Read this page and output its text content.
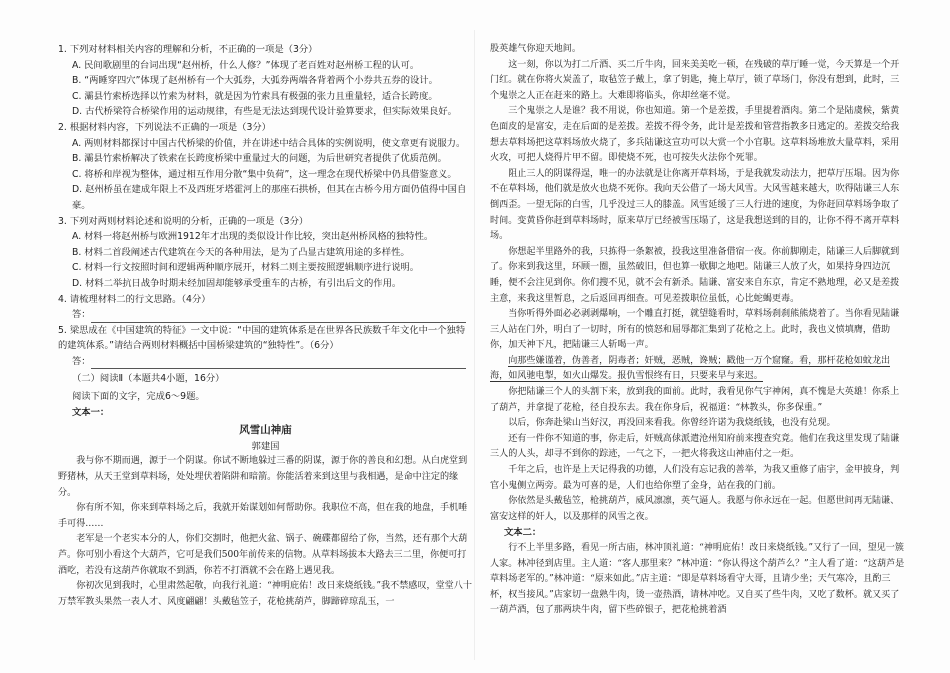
1. 下列对材料相关内容的理解和分析，不正确的一项是（3分）

A. 民间歌剧里的台词出现“赵州桥，什么人修？”体现了老百姓对赵州桥工程的认可。

B. “两睡穿四穴”体现了赵州桥有一个大弧券，大弧券两端各背着两个小券共五券的设计。

C. 灞县竹索桥选择以竹索为材料，就是因为竹索具有极强的张力且重量轻，适合长跨度。

D. 古代桥梁符合桥梁作用的运动规律，有些是无法达到现代设计验算要求，但实际效果良好。

2. 根据材料内容，下列说法不正确的一项是（3分）

A. 两则材料都探讨中国古代桥梁的价值，并在讲述中结合具体的实例说明，使文章更有说服力。

B. 灞县竹索桥解决了铁索在长跨度桥梁中重量过大的问题，为后世研究者提供了优质范例。

C. 将桥和岸视为整体，通过相互作用分散“集中负荷”，这一理念在现代桥梁中仍具借鉴意义。

D. 赵州桥虽在建成年限上不及西班牙塔霍河上的那座石拱桥，但其在古桥今用方面仍值得中国自豪。

3. 下列对两则材料论述和说明的分析，正确的一项是（3分）

A. 材料一将赵州桥与欧洲1912年才出现的类似设计作比较，突出赵州桥风格的独特性。

B. 材料二首段阐述古代建筑在今天的各种用法，是为了凸显古建筑用途的多样性。

C. 材料一行文按照时间和逻辑两种顺序展开，材料二则主要按照逻辑顺序进行说明。

D. 材料二举抗日战争时期未经加固却能够承受重车的古桥，有引出后文的作用。

4. 请梳理材料二的行文思路。（4分）

答：

5. 梁思成在《中国建筑的特征》一文中说：“中国的建筑体系是在世界各民族数千年文化中一个独特的建筑体系。”请结合两则材料概括中国桥梁建筑的“独特性”。（6分）

答：

（二）阅读Ⅱ（本题共4小题，16分）

阅读下面的文字，完成6～9题。

文本一：

风雪山神庙

郭建国

我与你不期而遇，源于一个阴谋。你试不断地躲过三番的阴谋，源于你的善良和幻想。从白虎堂到野猪林，从天王堂到草料场，处处埋伏着陷阱和暗箭。你能活着来到这里与我相遇，是命中注定的缘分。

你有所不知，你来到草料场之后，我就开始谋划如何帮助你。我职位不高，但在我的地盘，手机唾手可得……

老军是一个老实本分的人，你们交割时，他把火盆、锅子、碗碟都留给了你，当然，还有那个大葫芦。你可别小看这个大葫芦，它可是我们500年前传来的信物。从草料场拔本大路去三二里，你便可打酒吃，若没有这葫芦你就取不到酒，你若不打酒就不会在路上遇见我。

你初次见到我时，心里肃然起敬，向我行礼道：“神明庇佑！改日来烧纸钱。”我不禁感叹，堂堂八十万禁军教头果然一表人才、风度翩翩！头戴毡笠子，花枪挑葫芦，脚蹄碎琼乱玉，一

股英雄气你迎天地间。

这一刻，你以为打二斤酒、买二斤牛肉，回来美美吃一顿，在残破的草厅睡一觉，今天算是一个开门红。就在你将火炭盖了，取毡笠子戴上，拿了钥匙，掩上草厅，锁了草场门，你没有想到，此时，三个鬼崇之人正在赶来的路上。大难即将临头，你却丝毫不觉。

三个鬼崇之人是谁？我不用说，你也知道。第一个是差拨，手里提着酒肉。第二个是陆虞候，紫黄色面皮的是富安，走在后面的是差拨。差拨不得令务，此计是差拨和管营指教多日逃定的。差拨交给我想去草料场把这草料场放火烧了，多兵陆谦这宣功可以大赏一个小官职。这草料场堆放大量草料，采用火攻，可把人烧得片甲不留。即使烧不死，也可按失火法你个死罪。

阻止三人的阴谋得逞，唯一的办法就是让你离开草料场，于是我就发动法力，把草厅压塌。因为你不在草料场，他们就是放火也烧不死你。我向天公借了一场大风雪。大风雪越来越大，吹得陆谦三人东倒西歪。一望无际的白雪，几乎没过三人的膝盖。风雪延缓了三人行进的速度，为你赶回草料场争取了时间。变黄昏你赶到草料场时，原来草厅已经被雪压塌了，这是我想送到的目的，让你不得不离开草料场。

你想起半里路外的我，只拣得一条絮被，投我这里准备借宿一夜。你前脚刚走，陆谦三人后脚就到了。你来到我这里，环顾一圈，虽然破旧，但也算一歇脚之地吧。陆谦三人放了火，如果持身四边沉睡，便不会注见到你。你们搜不见，就不会有新杀。陆谦、富安来自东京，肯定不熟地理，必又是差拨主意，来我这里暂息，之后返回再细查。可见差拨职位虽低，心比蛇蝎更毒。

当你听得外面必必剥剥爆响，一个雕直打挺，就望缝看时，草料场刹刹熊熊烧着了。当你看见陆谦三人站在门外，明白了一切时，所有的愤怒和屈辱都汇集到了花枪之上。此时，我也义愤填膺，借助你，加天神下凡，把陆谦三人斩喝一声。

向那些嫌谨着，伪善者，阴毒者；奸贼，恶贼，谗贼；戳他一万个窟窿。看，那杆花枪如蚊龙出海，如风驰电掣，如火山爆发。报仇雪恨终有日，只要来早与来迟。

你把陆谦三个人的头割下来，放到我的面前。此时，我看见你气宇神闲，真不愧是大英雄！你系上了葫芦，并拿提了花枪，径自投东去。我在你身后，祝福道：“林教头，你多保重。”

以后，你奔赴梁山当好汉，再没回来看我。你曾经许诺为我烧纸钱，也没有兑现。

还有一件你不知道的事，你走后，奸贼高俅派遣沧州知府前来搜查究竟。他们在我这里发现了陆谦三人的人头，却寻不到你的踪迹，一气之下，一把火将我这山神庙付之一炬。

千年之后，也许是上天记得我的功德，人们没有忘记我的善举，为我又重修了庙宇，金甲披身，判官小鬼侧立两旁。最为可喜的是，人们也给你塑了金身，站在我的门前。

你依然是头戴毡笠，枪挑葫芦，威风凛凛，英气逼人。我愿与你永远在一起。但愿世间再无陆谦、富安这样的奸人，以及那样的风雪之夜。

文本二：

行不上半里多路，看见一所古庙，林冲顶礼道：“神明庇佑！改日来烧纸钱。”又行了一回，望见一簇人家。林冲径到店里。主人道：“客人那里来？”林冲道：“你认得这个葫芦么？”主人看了道：“这葫芦是草料场老军的。”林冲道：“原来如此。”店主道：“即是草料场看守大哥，且请少坐；天气寒冷，且酌三杯，权当接风。”店家切一盘熟牛肉，烫一壶热酒，请林冲吃。又自买了些牛肉，又吃了数杯。就又买了一葫芦酒，包了那两块牛肉，留下些碎银子，把花枪挑着酒
